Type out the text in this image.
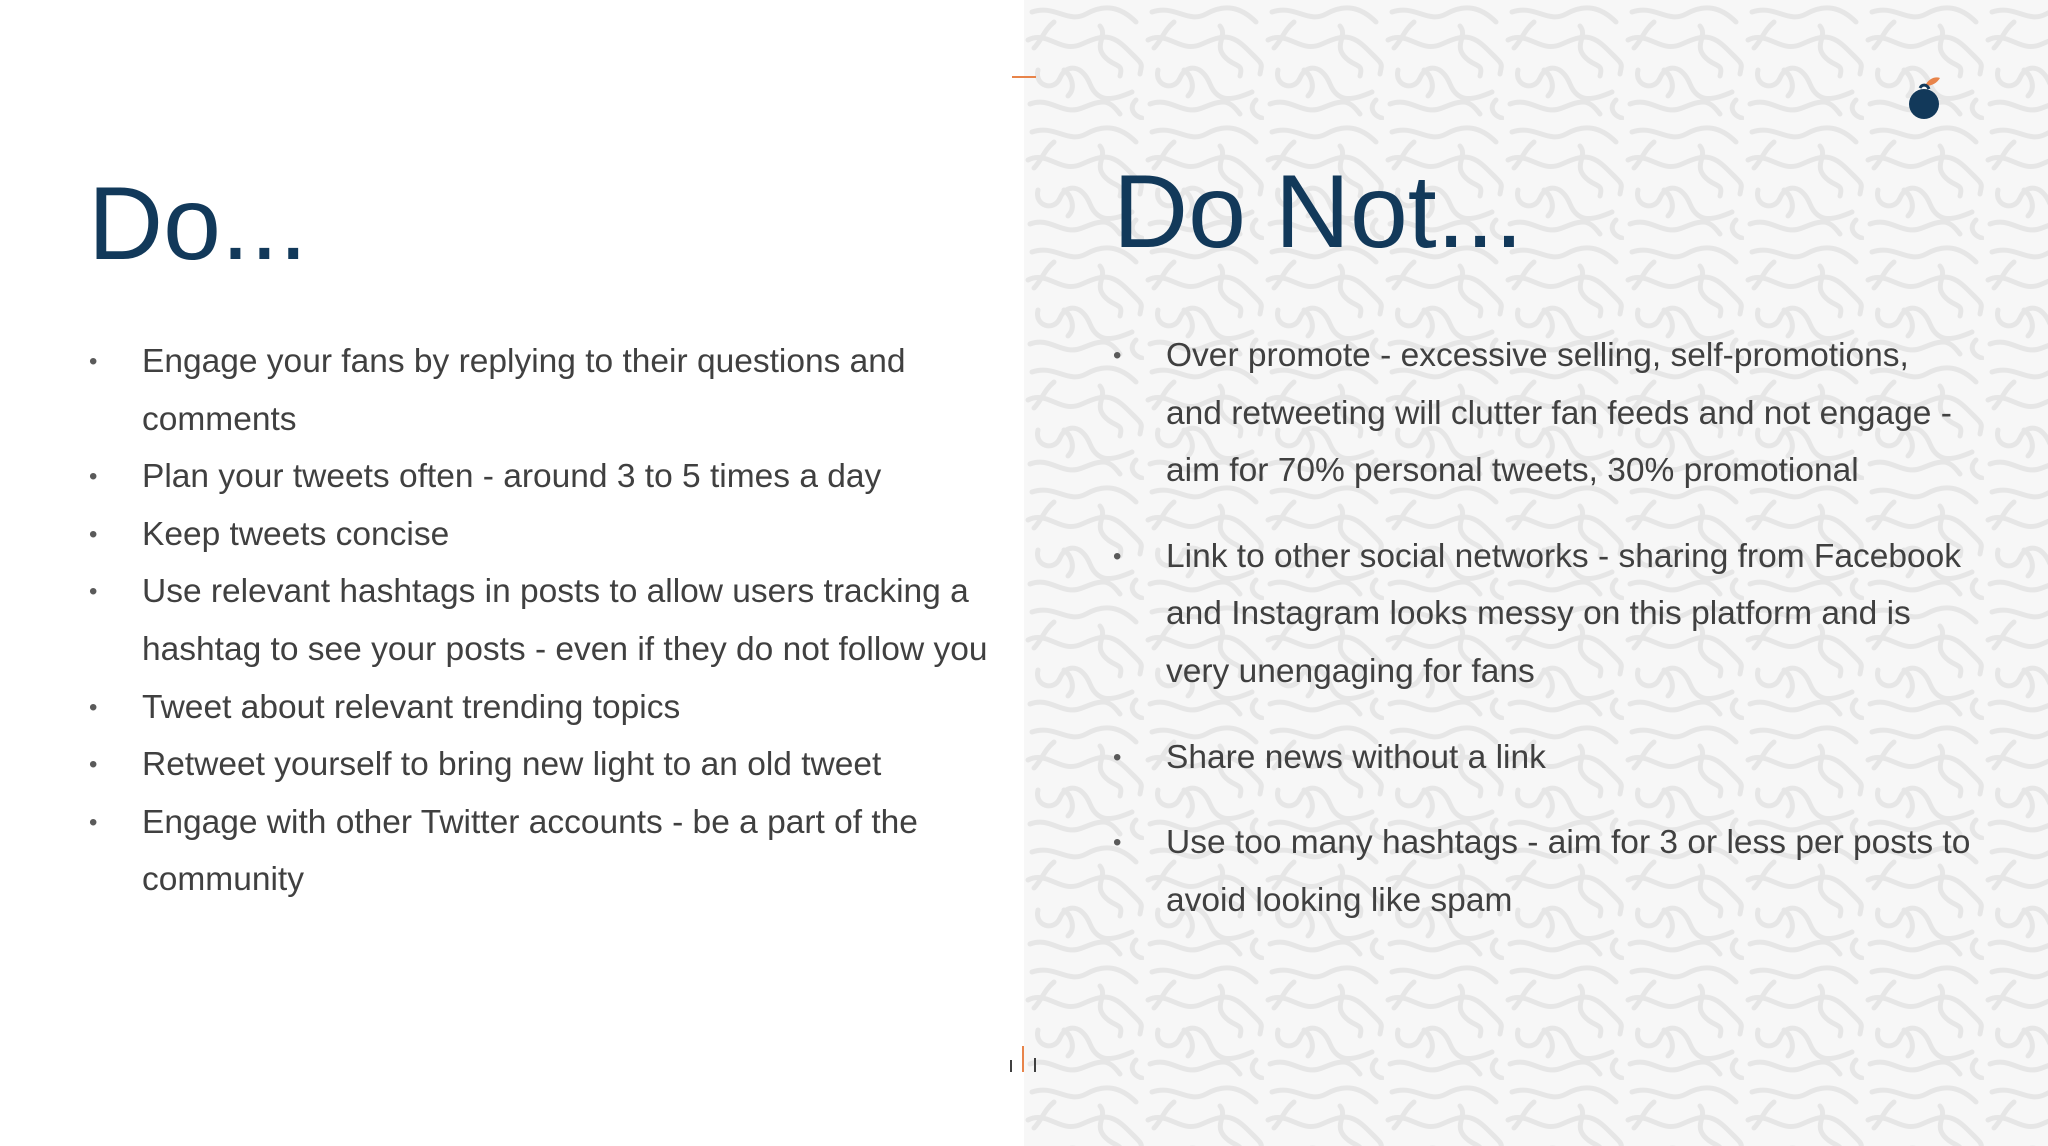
Do...
• Engage your fans by replying to their questions and comments
• Plan your tweets often - around 3 to 5 times a day
• Keep tweets concise
• Use relevant hashtags in posts to allow users tracking a hashtag to see your posts - even if they do not follow you
• Tweet about relevant trending topics
• Retweet yourself to bring new light to an old tweet
• Engage with other Twitter accounts - be a part of the community
Do Not...
• Over promote - excessive selling, self-promotions, and retweeting will clutter fan feeds and not engage - aim for 70% personal tweets, 30% promotional
• Link to other social networks - sharing from Facebook and Instagram looks messy on this platform and is very unengaging for fans
• Share news without a link
• Use too many hashtags - aim for 3 or less per posts to avoid looking like spam
